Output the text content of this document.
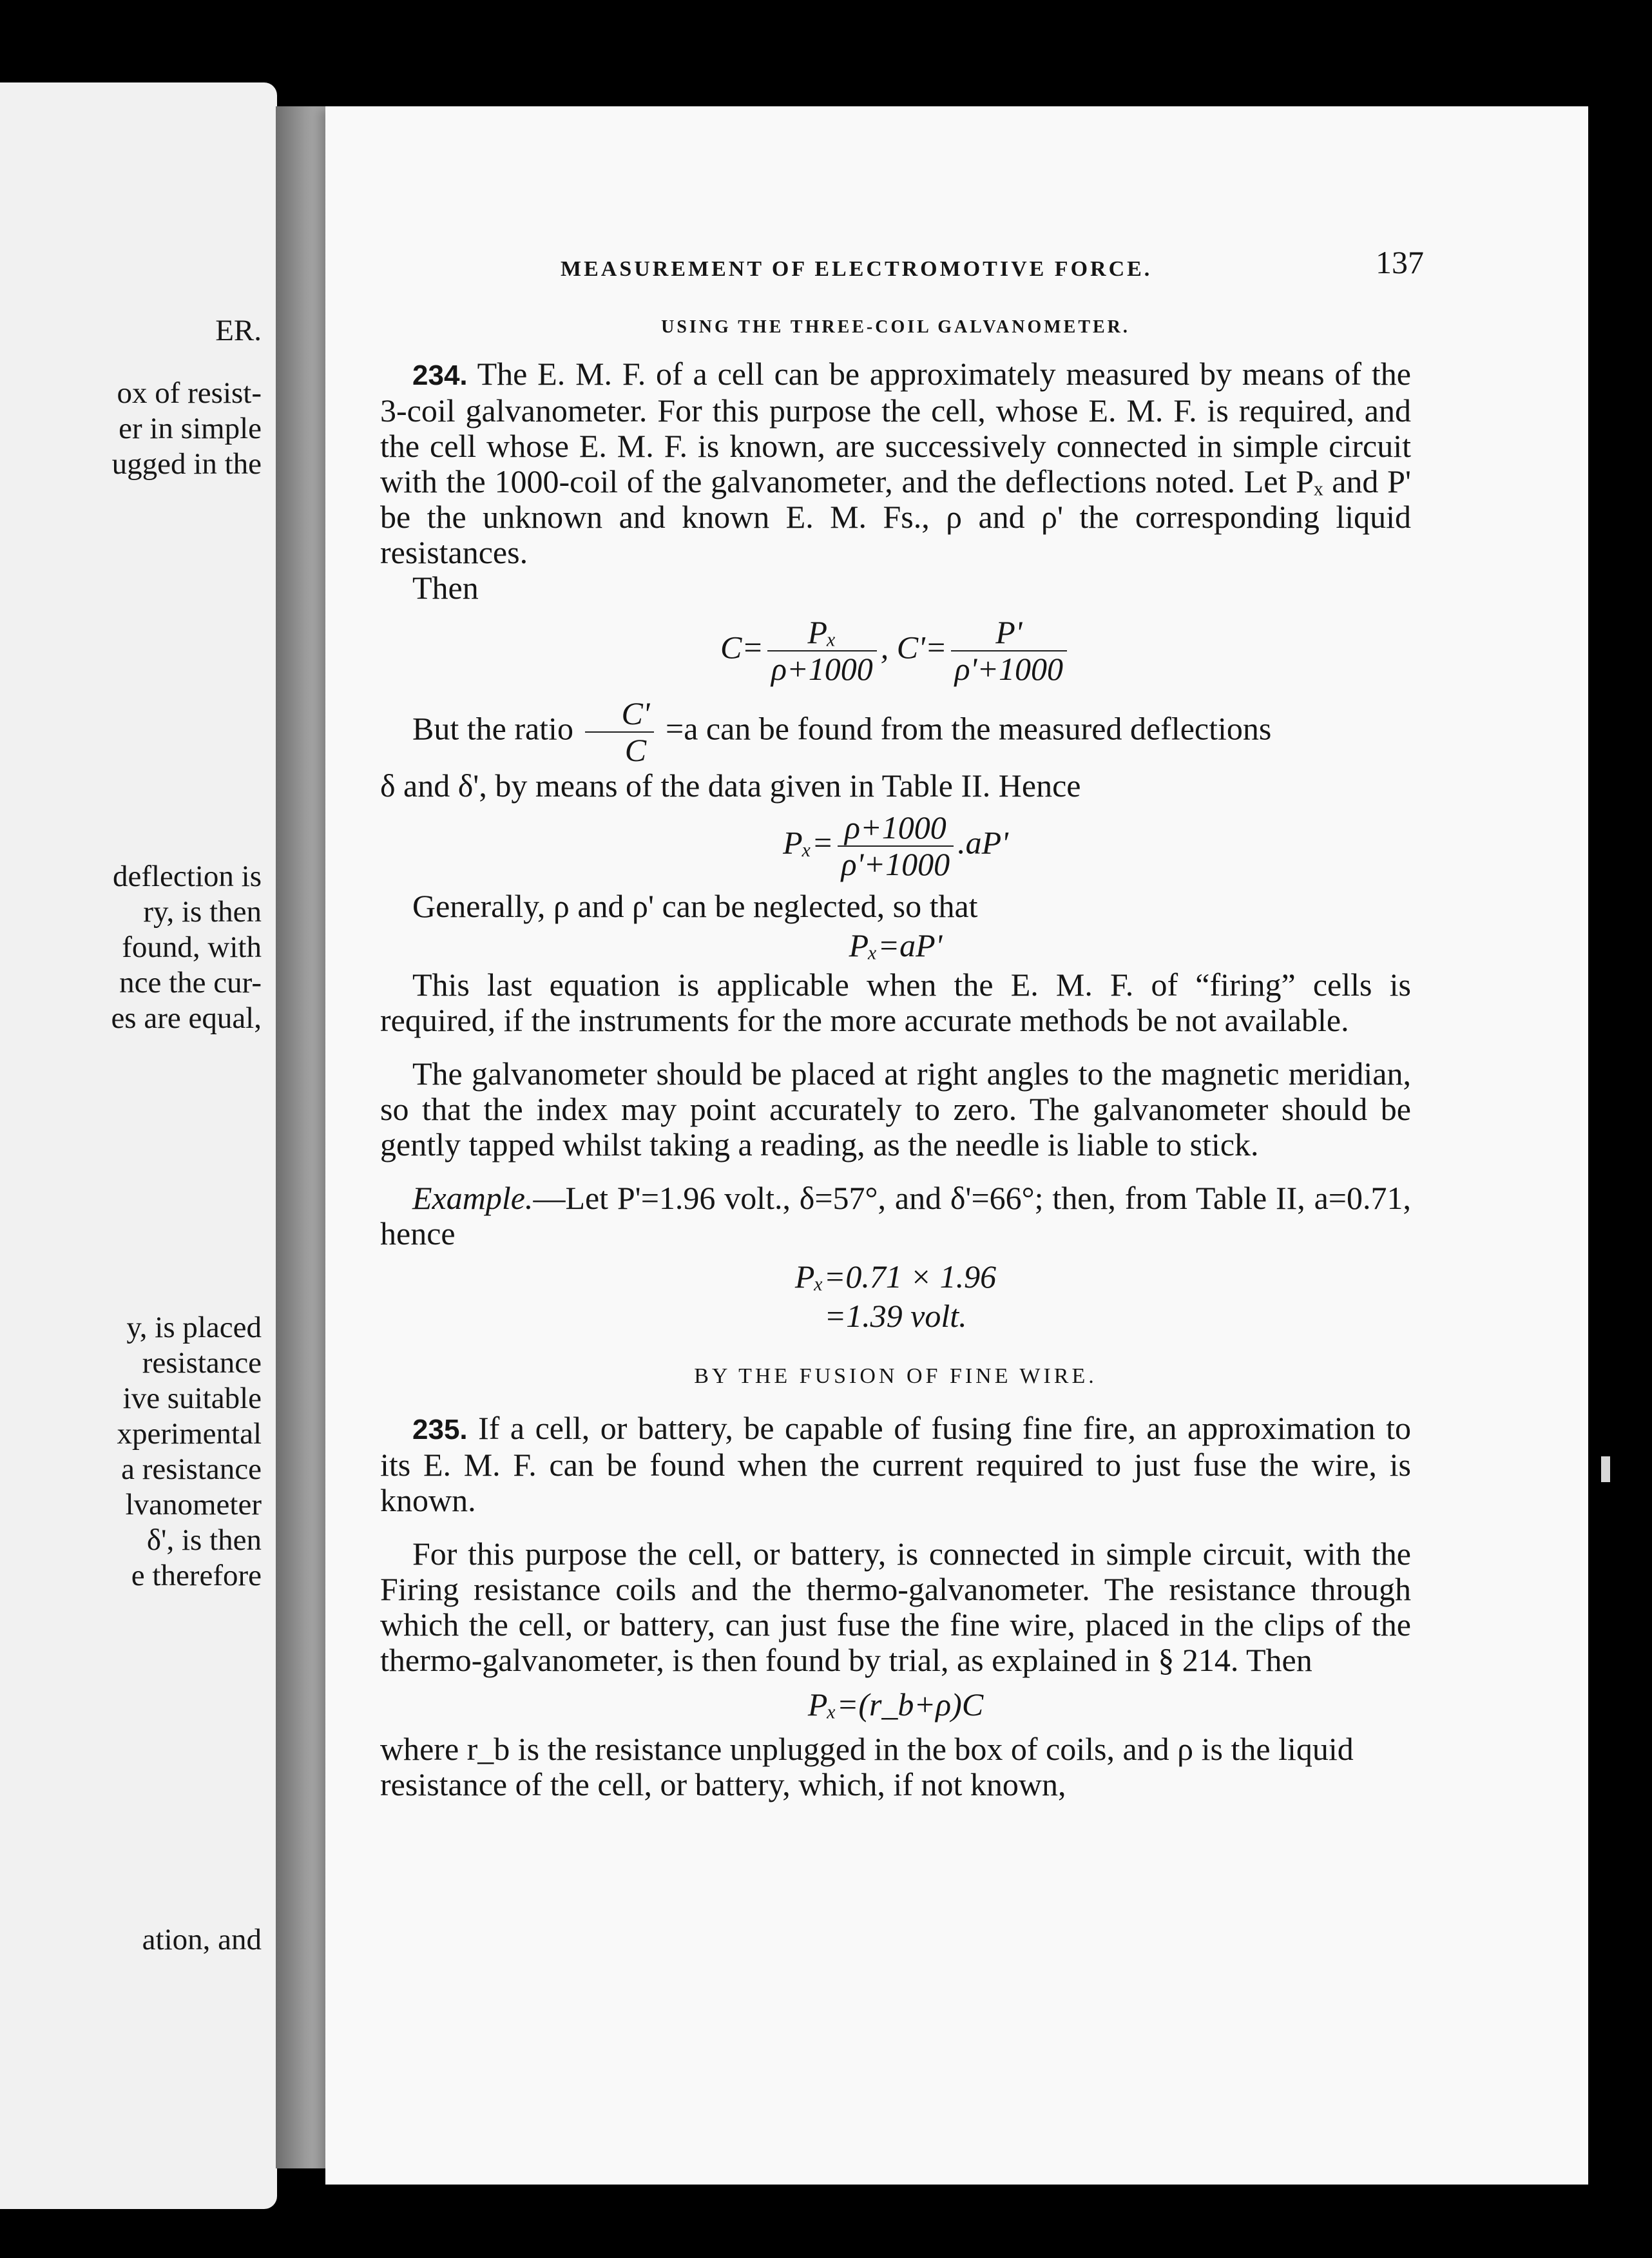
ER.
ox of resist-
er in simple
ugged in the
deflection is
ry, is then
found, with
nce the cur-
es are equal,
y, is placed
resistance
ive suitable
xperimental
a resistance
lvanometer
δ', is then
e therefore
ation, and
MEASUREMENT OF ELECTROMOTIVE FORCE.	137
USING THE THREE-COIL GALVANOMETER.

234. The E. M. F. of a cell can be approximately measured by means of the 3-coil galvanometer. For this purpose the cell, whose E. M. F. is required, and the cell whose E. M. F. is known, are successively connected in simple circuit with the 1000-coil of the galvanometer, and the deflections noted. Let Pₓ and P' be the unknown and known E. M. Fs., ρ and ρ' the corresponding liquid resistances.

Then

$C= \frac{\text{Pₓ}}{\rho+1000}$ , $C'= \frac{P'}{\rho'+1000}$

But the ratio $\frac{C'}{C} =a$ can be found from the measured deflections

δ and δ', by means of the data given in Table II. Hence

$P_x= \frac{\rho+1000}{\rho'+1000} .aP'$

Generally, ρ and ρ' can be neglected, so that

Pₓ=aP'

This last equation is applicable when the E. M. F. of “firing” cells is required, if the instruments for the more accurate methods be not available.

The galvanometer should be placed at right angles to the magnetic meridian, so that the index may point accurately to zero. The galvanometer should be gently tapped whilst taking a reading, as the needle is liable to stick.

Example.—Let P'=1.96 volt., δ=57°, and δ'=66°; then, from Table II, a=0.71, hence

Pₓ=0.71 × 1.96
=1.39 volt.
BY THE FUSION OF FINE WIRE.

235. If a cell, or battery, be capable of fusing fine fire, an approximation to its E. M. F. can be found when the current required to just fuse the wire, is known.

For this purpose the cell, or battery, is connected in simple circuit, with the Firing resistance coils and the thermo-galvanometer. The resistance through which the cell, or battery, can just fuse the fine wire, placed in the clips of the thermo-galvanometer, is then found by trial, as explained in § 214. Then

Pₓ=(r_b+ρ)C

where r_b is the resistance unplugged in the box of coils, and ρ is the liquid resistance of the cell, or battery, which, if not known,
